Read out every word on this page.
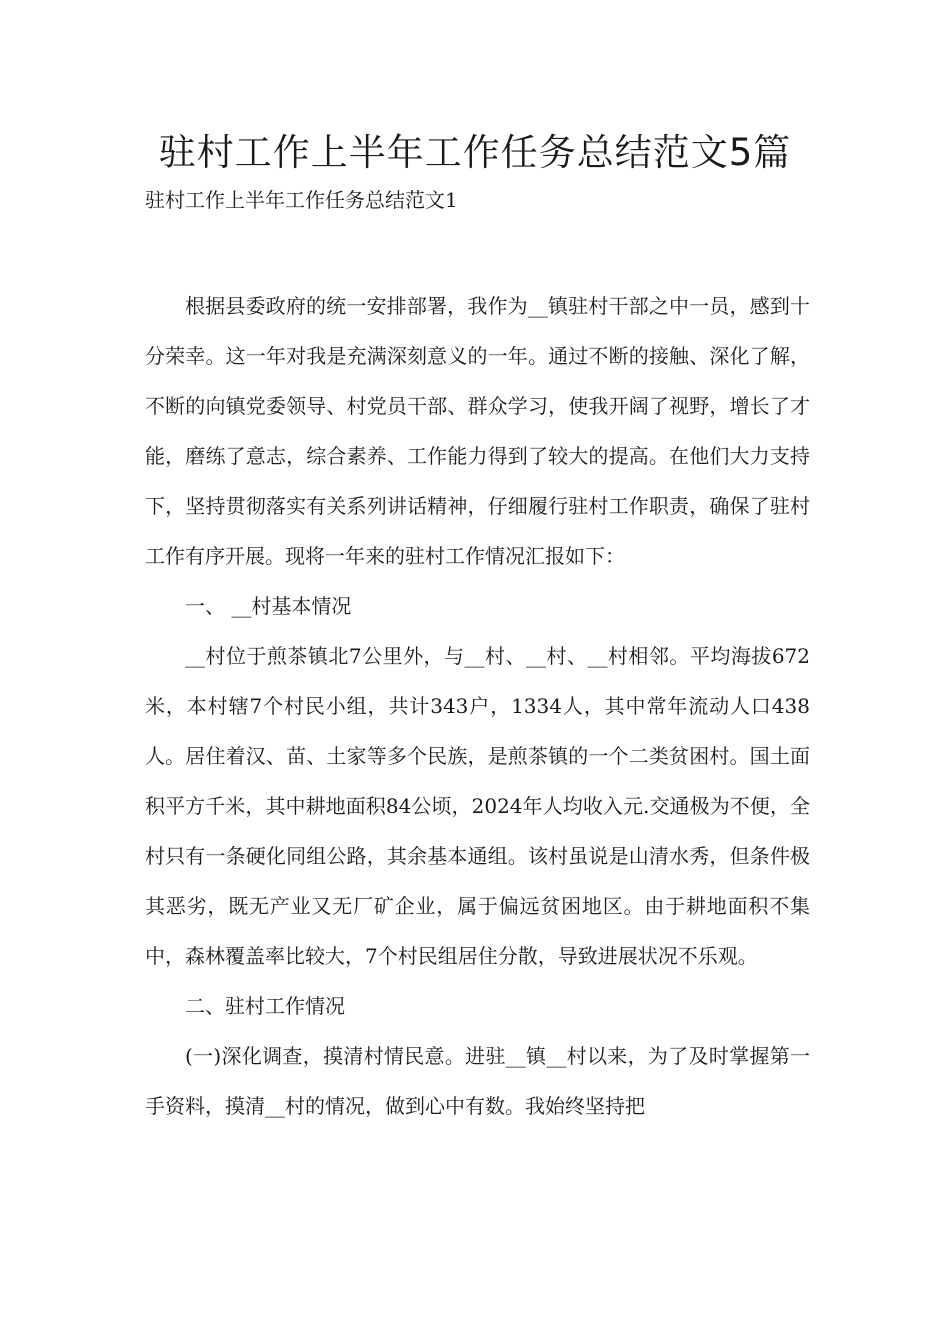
驻村工作上半年工作任务总结范文5篇

驻村工作上半年工作任务总结范文1

根据县委政府的统一安排部署，我作为__镇驻村干部之中一员，感到十分荣幸。这一年对我是充满深刻意义的一年。通过不断的接触、深化了解，不断的向镇党委领导、村党员干部、群众学习，使我开阔了视野，增长了才能，磨练了意志，综合素养、工作能力得到了较大的提高。在他们大力支持下，坚持贯彻落实有关系列讲话精神，仔细履行驻村工作职责，确保了驻村工作有序开展。现将一年来的驻村工作情况汇报如下：

一、 __村基本情况

__村位于煎茶镇北7公里外，与__村、__村、__村相邻。平均海拔672米，本村辖7个村民小组，共计343户，1334人，其中常年流动人口438人。居住着汉、苗、土家等多个民族，是煎茶镇的一个二类贫困村。国土面积平方千米，其中耕地面积84公顷，2024年人均收入元.交通极为不便，全村只有一条硬化同组公路，其余基本通组。该村虽说是山清水秀，但条件极其恶劣，既无产业又无厂矿企业，属于偏远贫困地区。由于耕地面积不集中，森林覆盖率比较大，7个村民组居住分散，导致进展状况不乐观。

二、驻村工作情况

(一)深化调查，摸清村情民意。进驻__镇__村以来，为了及时掌握第一手资料，摸清__村的情况，做到心中有数。我始终坚持把
